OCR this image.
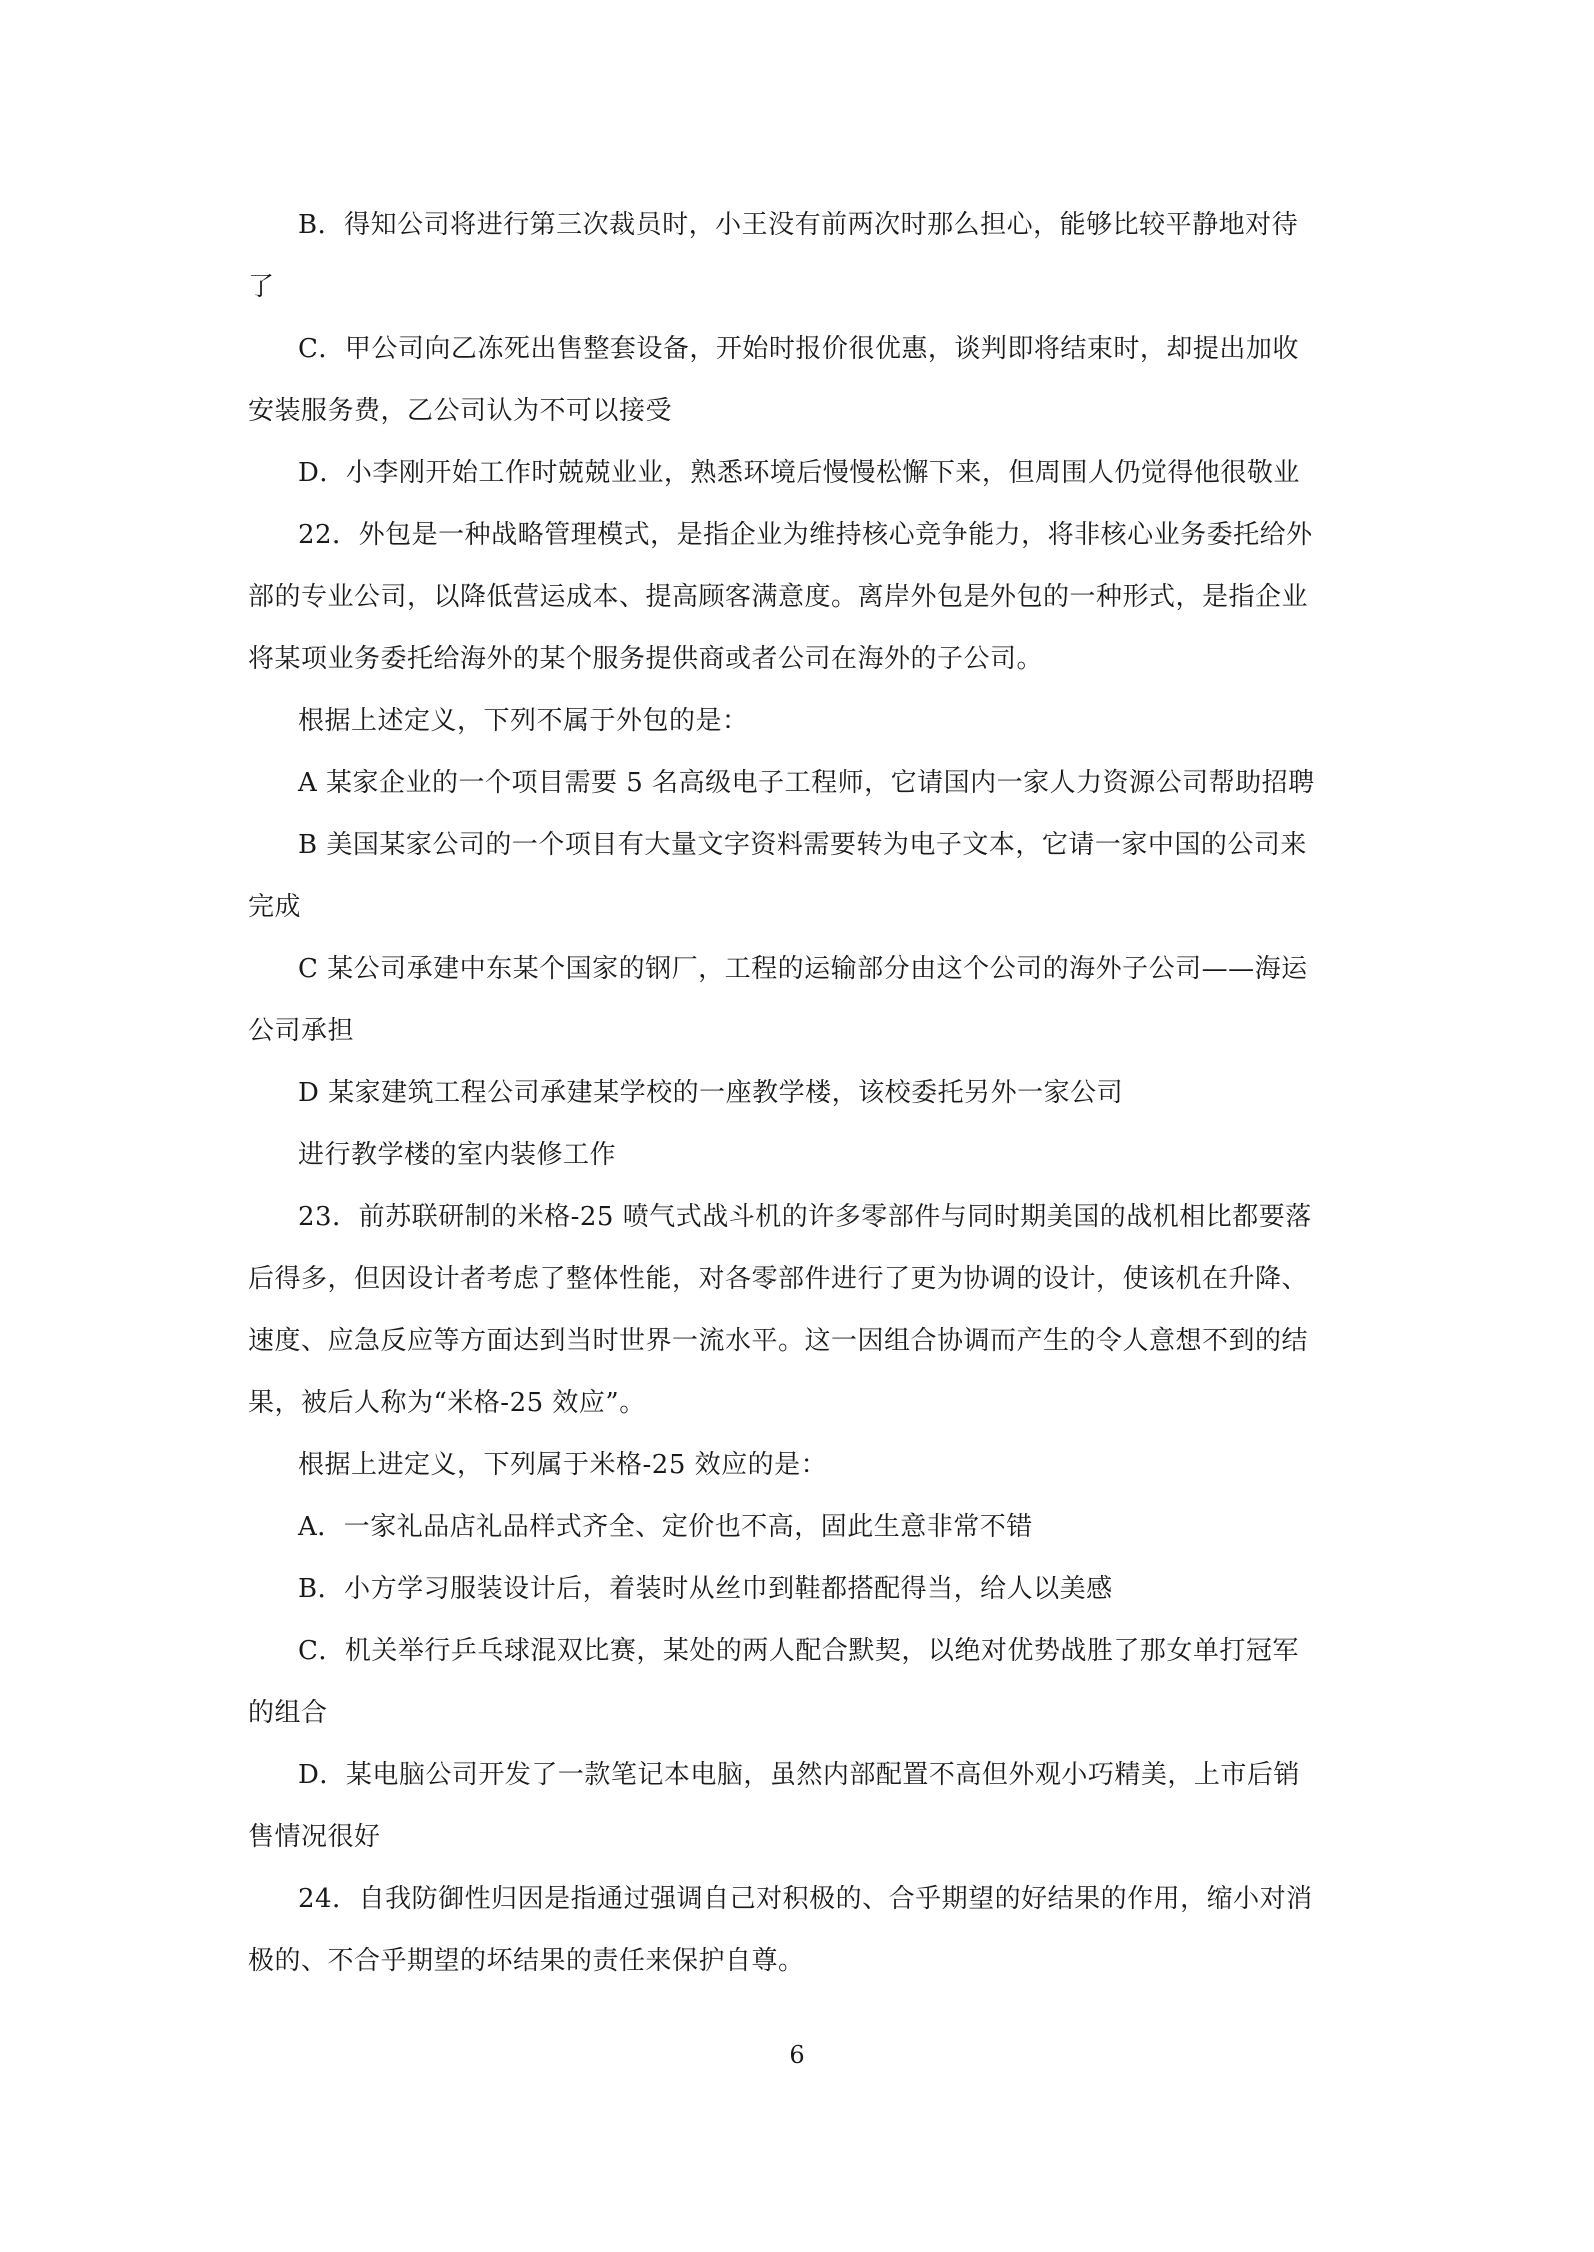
B．得知公司将进行第三次裁员时，小王没有前两次时那么担心，能够比较平静地对待
了
C．甲公司向乙冻死出售整套设备，开始时报价很优惠，谈判即将结束时，却提出加收
安装服务费，乙公司认为不可以接受
D．小李刚开始工作时兢兢业业，熟悉环境后慢慢松懈下来，但周围人仍觉得他很敬业
22．外包是一种战略管理模式，是指企业为维持核心竞争能力，将非核心业务委托给外
部的专业公司，以降低营运成本、提高顾客满意度。离岸外包是外包的一种形式，是指企业
将某项业务委托给海外的某个服务提供商或者公司在海外的子公司。
根据上述定义，下列不属于外包的是：
A 某家企业的一个项目需要 5 名高级电子工程师，它请国内一家人力资源公司帮助招聘
B 美国某家公司的一个项目有大量文字资料需要转为电子文本，它请一家中国的公司来
完成
C 某公司承建中东某个国家的钢厂，工程的运输部分由这个公司的海外子公司——海运
公司承担
D 某家建筑工程公司承建某学校的一座教学楼，该校委托另外一家公司
进行教学楼的室内装修工作
23．前苏联研制的米格-25 喷气式战斗机的许多零部件与同时期美国的战机相比都要落
后得多，但因设计者考虑了整体性能，对各零部件进行了更为协调的设计，使该机在升降、
速度、应急反应等方面达到当时世界一流水平。这一因组合协调而产生的令人意想不到的结
果，被后人称为“米格-25 效应”。
根据上进定义，下列属于米格-25 效应的是：
A．一家礼品店礼品样式齐全、定价也不高，固此生意非常不错
B．小方学习服装设计后，着装时从丝巾到鞋都搭配得当，给人以美感
C．机关举行乒乓球混双比赛，某处的两人配合默契，以绝对优势战胜了那女单打冠军
的组合
D．某电脑公司开发了一款笔记本电脑，虽然内部配置不高但外观小巧精美，上市后销
售情况很好
24．自我防御性归因是指通过强调自己对积极的、合乎期望的好结果的作用，缩小对消
极的、不合乎期望的坏结果的责任来保护自尊。
6
